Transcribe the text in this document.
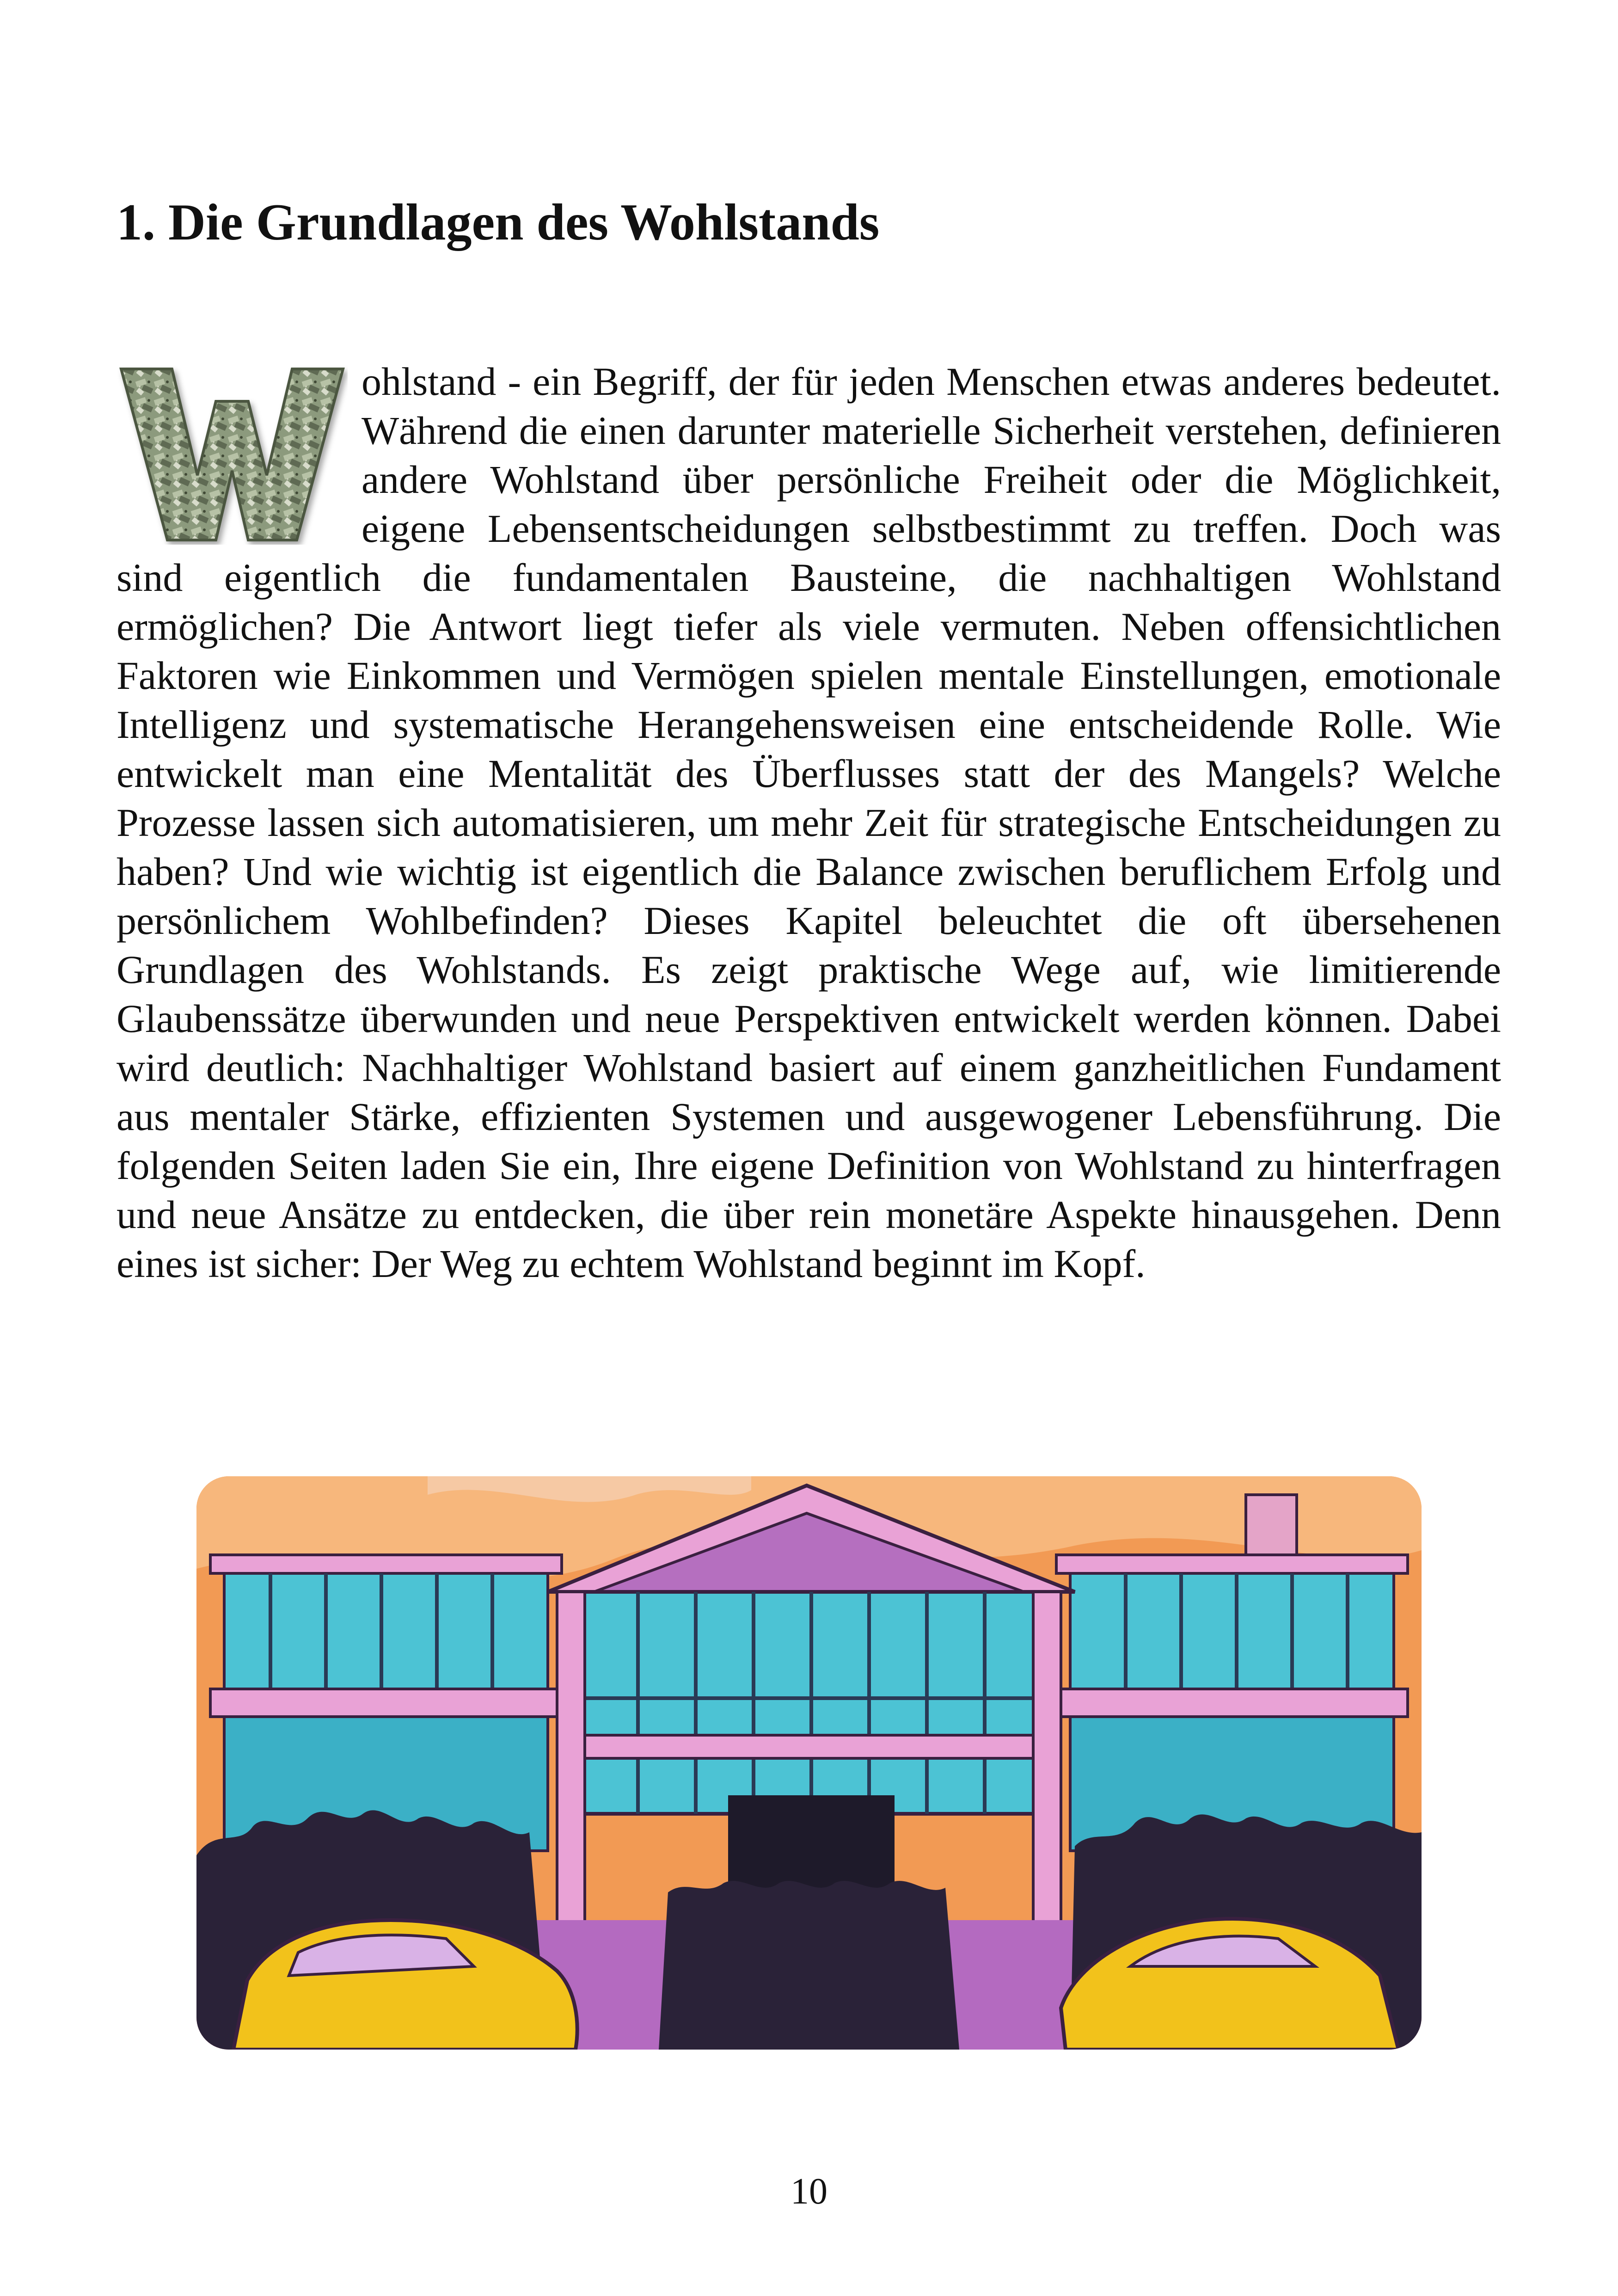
1. Die Grundlagen des Wohlstands
ohlstand - ein Begriff, der für jeden Menschen etwas anderes bedeutet. Während die einen darunter materielle Sicherheit verstehen, definieren andere Wohlstand über persönliche Freiheit oder die Möglichkeit, eigene Lebensentscheidungen selbstbestimmt zu treffen. Doch was sind eigentlich die fundamentalen Bausteine, die nachhaltigen Wohlstand ermöglichen? Die Antwort liegt tiefer als viele vermuten. Neben offensichtlichen Faktoren wie Einkommen und Vermögen spielen mentale Einstellungen, emotionale Intelligenz und systematische Herangehensweisen eine entscheidende Rolle. Wie entwickelt man eine Mentalität des Überflusses statt der des Mangels? Welche Prozesse lassen sich automatisieren, um mehr Zeit für strategische Entscheidungen zu haben? Und wie wichtig ist eigentlich die Balance zwischen beruflichem Erfolg und persönlichem Wohlbefinden? Dieses Kapitel beleuchtet die oft übersehenen Grundlagen des Wohlstands. Es zeigt praktische Wege auf, wie limitierende Glaubenssätze überwunden und neue Perspektiven entwickelt werden können. Dabei wird deutlich: Nachhaltiger Wohlstand basiert auf einem ganzheitlichen Fundament aus mentaler Stärke, effizienten Systemen und ausgewogener Lebensführung. Die folgenden Seiten laden Sie ein, Ihre eigene Definition von Wohlstand zu hinterfragen und neue Ansätze zu entdecken, die über rein monetäre Aspekte hinausgehen. Denn eines ist sicher: Der Weg zu echtem Wohlstand beginnt im Kopf.
10
